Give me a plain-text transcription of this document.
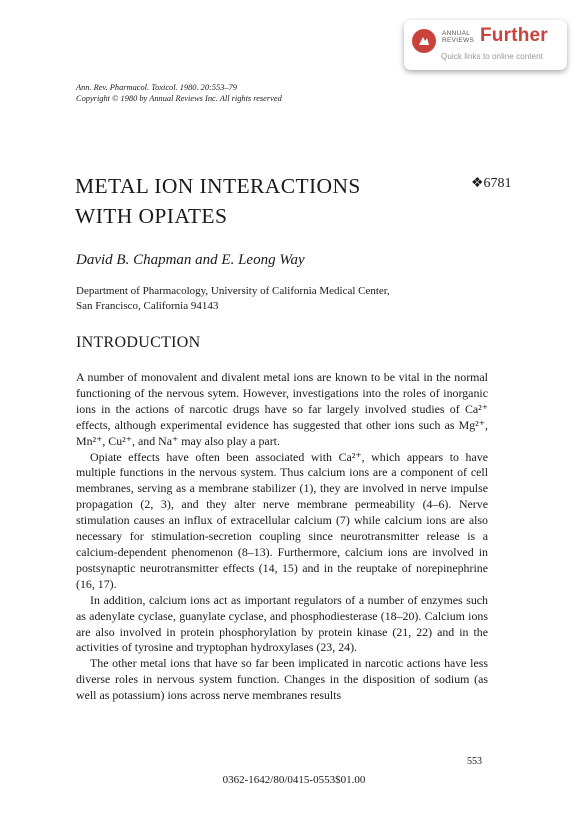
ANNUAL
REVIEWS Further
Quick links to online content
Ann. Rev. Pharmacol. Toxicol. 1980. 20:553–79
Copyright © 1980 by Annual Reviews Inc. All rights reserved
METAL ION INTERACTIONS
WITH OPIATES
❖6781
David B. Chapman and E. Leong Way
Department of Pharmacology, University of California Medical Center,
San Francisco, California 94143
INTRODUCTION

A number of monovalent and divalent metal ions are known to be vital in the normal functioning of the nervous sytem. However, investigations into the roles of inorganic ions in the actions of narcotic drugs have so far largely involved studies of Ca²⁺ effects, although experimental evidence has suggested that other ions such as Mg²⁺, Mn²⁺, Cu²⁺, and Na⁺ may also play a part.

Opiate effects have often been associated with Ca²⁺, which appears to have multiple functions in the nervous system. Thus calcium ions are a component of cell membranes, serving as a membrane stabilizer (1), they are involved in nerve impulse propagation (2, 3), and they alter nerve membrane permeability (4–6). Nerve stimulation causes an influx of extracellular calcium (7) while calcium ions are also necessary for stimulation-secretion coupling since neurotransmitter release is a calcium-dependent phenomenon (8–13). Furthermore, calcium ions are involved in postsynaptic neurotransmitter effects (14, 15) and in the reuptake of norepinephrine (16, 17).

In addition, calcium ions act as important regulators of a number of enzymes such as adenylate cyclase, guanylate cyclase, and phosphodiesterase (18–20). Calcium ions are also involved in protein phosphorylation by protein kinase (21, 22) and in the activities of tyrosine and tryptophan hydroxylases (23, 24).

The other metal ions that have so far been implicated in narcotic actions have less diverse roles in nervous system function. Changes in the disposition of sodium (as well as potassium) ions across nerve membranes results

553
0362-1642/80/0415-0553$01.00
